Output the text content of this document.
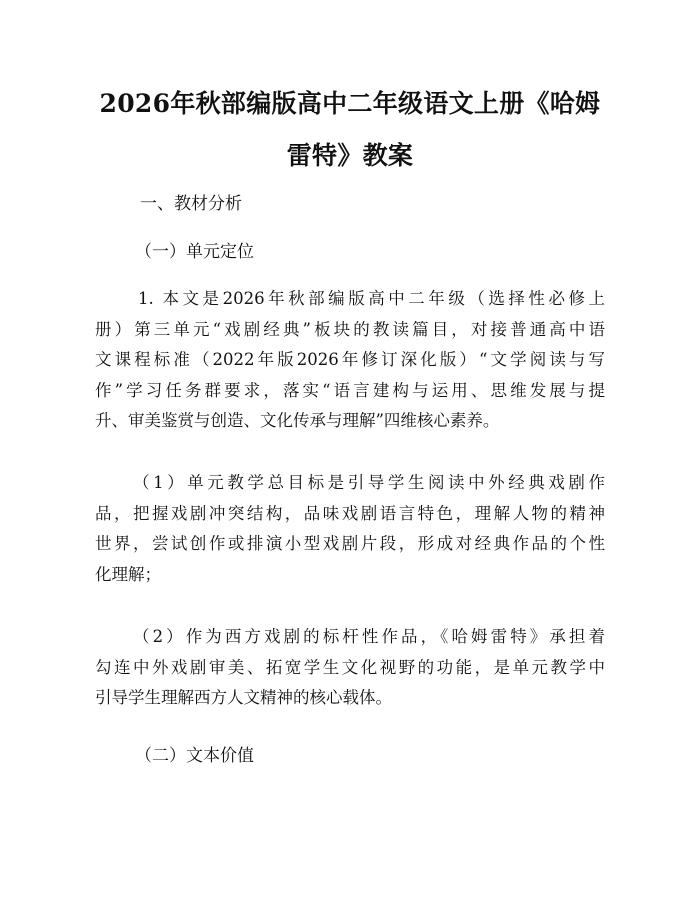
2026年秋部编版高中二年级语文上册《哈姆
雷特》教案
一、教材分析
（一）单元定位
1. 本文是2026年秋部编版高中二年级（选择性必修上
册）第三单元“戏剧经典”板块的教读篇目，对接普通高中语
文课程标准（2022年版2026年修订深化版）“文学阅读与写
作”学习任务群要求，落实“语言建构与运用、思维发展与提
升、审美鉴赏与创造、文化传承与理解”四维核心素养。
（1）单元教学总目标是引导学生阅读中外经典戏剧作
品，把握戏剧冲突结构，品味戏剧语言特色，理解人物的精神
世界，尝试创作或排演小型戏剧片段，形成对经典作品的个性
化理解；
（2）作为西方戏剧的标杆性作品，《哈姆雷特》承担着
勾连中外戏剧审美、拓宽学生文化视野的功能，是单元教学中
引导学生理解西方人文精神的核心载体。
（二）文本价值
